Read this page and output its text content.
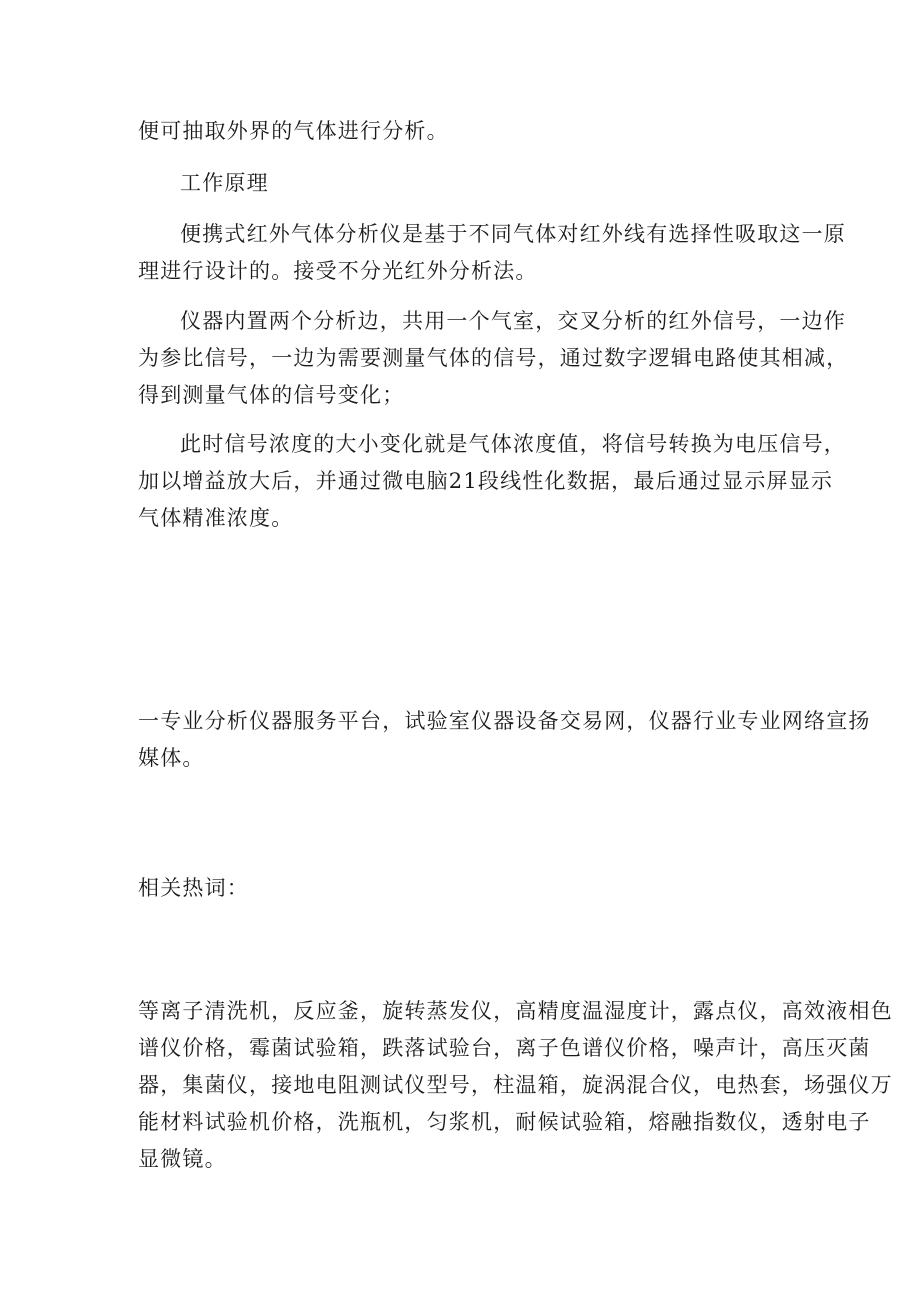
便可抽取外界的气体进行分析。
工作原理
便携式红外气体分析仪是基于不同气体对红外线有选择性吸取这一原
理进行设计的。接受不分光红外分析法。
仪器内置两个分析边，共用一个气室，交叉分析的红外信号，一边作
为参比信号，一边为需要测量气体的信号，通过数字逻辑电路使其相减，
得到测量气体的信号变化；
此时信号浓度的大小变化就是气体浓度值，将信号转换为电压信号，
加以增益放大后，并通过微电脑21段线性化数据，最后通过显示屏显示
气体精准浓度。
一专业分析仪器服务平台，试验室仪器设备交易网，仪器行业专业网络宣扬
媒体。
相关热词：
等离子清洗机，反应釜，旋转蒸发仪，高精度温湿度计，露点仪，高效液相色
谱仪价格，霉菌试验箱，跌落试验台，离子色谱仪价格，噪声计，高压灭菌
器，集菌仪，接地电阻测试仪型号，柱温箱，旋涡混合仪，电热套，场强仪万
能材料试验机价格，洗瓶机，匀浆机，耐候试验箱，熔融指数仪，透射电子
显微镜。
